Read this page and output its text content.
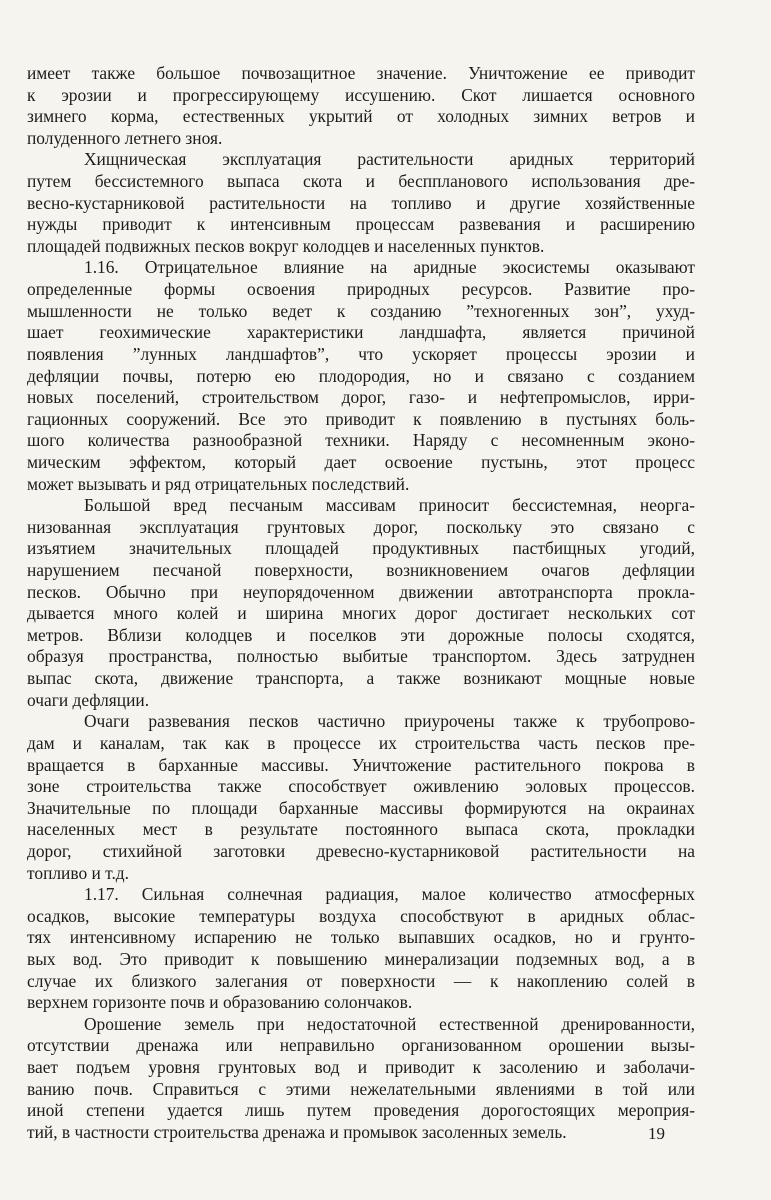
имеет также большое почвозащитное значение. Уничтожение ее приводит
к эрозии и прогрессирующему иссушению. Скот лишается основного
зимнего корма, естественных укрытий от холодных зимних ветров и
полуденного летнего зноя.
Хищническая эксплуатация растительности аридных территорий
путем бессистемного выпаса скота и бесппланового использования дре-
весно-кустарниковой растительности на топливо и другие хозяйственные
нужды приводит к интенсивным процессам развевания и расширению
площадей подвижных песков вокруг колодцев и населенных пунктов.
1.16. Отрицательное влияние на аридные экосистемы оказывают
определенные формы освоения природных ресурсов. Развитие про-
мышленности не только ведет к созданию ”техногенных зон”, ухуд-
шает геохимические характеристики ландшафта, является причиной
появления ”лунных ландшафтов”, что ускоряет процессы эрозии и
дефляции почвы, потерю ею плодородия, но и связано с созданием
новых поселений, строительством дорог, газо- и нефтепромыслов, ирри-
гационных сооружений. Все это приводит к появлению в пустынях боль-
шого количества разнообразной техники. Наряду с несомненным эконо-
мическим эффектом, который дает освоение пустынь, этот процесс
может вызывать и ряд отрицательных последствий.
Большой вред песчаным массивам приносит бессистемная, неорга-
низованная эксплуатация грунтовых дорог, поскольку это связано с
изъятием значительных площадей продуктивных пастбищных угодий,
нарушением песчаной поверхности, возникновением очагов дефляции
песков. Обычно при неупорядоченном движении автотранспорта прокла-
дывается много колей и ширина многих дорог достигает нескольких сот
метров. Вблизи колодцев и поселков эти дорожные полосы сходятся,
образуя пространства, полностью выбитые транспортом. Здесь затруднен
выпас скота, движение транспорта, а также возникают мощные новые
очаги дефляции.
Очаги развевания песков частично приурочены также к трубопрово-
дам и каналам, так как в процессе их строительства часть песков пре-
вращается в барханные массивы. Уничтожение растительного покрова в
зоне строительства также способствует оживлению эоловых процессов.
Значительные по площади барханные массивы формируются на окраинах
населенных мест в результате постоянного выпаса скота, прокладки
дорог, стихийной заготовки древесно-кустарниковой растительности на
топливо и т.д.
1.17. Сильная солнечная радиация, малое количество атмосферных
осадков, высокие температуры воздуха способствуют в аридных облас-
тях интенсивному испарению не только выпавших осадков, но и грунто-
вых вод. Это приводит к повышению минерализации подземных вод, а в
случае их близкого залегания от поверхности — к накоплению солей в
верхнем горизонте почв и образованию солончаков.
Орошение земель при недостаточной естественной дренированности,
отсутствии дренажа или неправильно организованном орошении вызы-
вает подъем уровня грунтовых вод и приводит к засолению и заболачи-
ванию почв. Справиться с этими нежелательными явлениями в той или
иной степени удается лишь путем проведения дорогостоящих мероприя-
тий, в частности строительства дренажа и промывок засоленных земель.	19
